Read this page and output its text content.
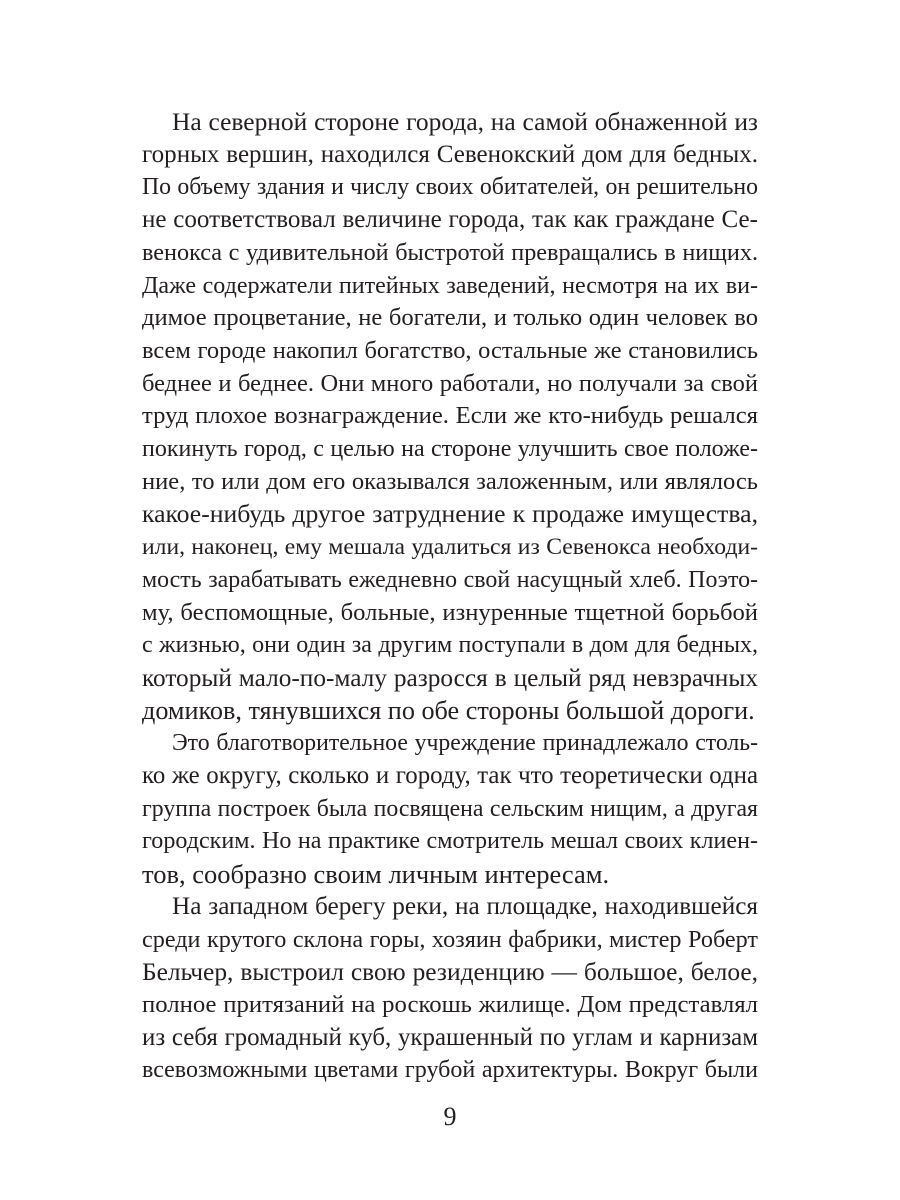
На северной стороне города, на самой обнаженной из
горных вершин, находился Севенокский дом для бедных.
По объему здания и числу своих обитателей, он решительно
не соответствовал величине города, так как граждане Се-
венокса с удивительной быстротой превращались в нищих.
Даже содержатели питейных заведений, несмотря на их ви-
димое процветание, не богатели, и только один человек во
всем городе накопил богатство, остальные же становились
беднее и беднее. Они много работали, но получали за свой
труд плохое вознаграждение. Если же кто-нибудь решался
покинуть город, с целью на стороне улучшить свое положе-
ние, то или дом его оказывался заложенным, или являлось
какое-нибудь другое затруднение к продаже имущества,
или, наконец, ему мешала удалиться из Севенокса необходи-
мость зарабатывать ежедневно свой насущный хлеб. Поэто-
му, беспомощные, больные, изнуренные тщетной борьбой
с жизнью, они один за другим поступали в дом для бедных,
который мало-по-малу разросся в целый ряд невзрачных
домиков, тянувшихся по обе стороны большой дороги.

Это благотворительное учреждение принадлежало столь-
ко же округу, сколько и городу, так что теоретически одна
группа построек была посвящена сельским нищим, а другая
городским. Но на практике смотритель мешал своих клиен-
тов, сообразно своим личным интересам.

На западном берегу реки, на площадке, находившейся
среди крутого склона горы, хозяин фабрики, мистер Роберт
Бельчер, выстроил свою резиденцию — большое, белое,
полное притязаний на роскошь жилище. Дом представлял
из себя громадный куб, украшенный по углам и карнизам
всевозможными цветами грубой архитектуры. Вокруг были

9
